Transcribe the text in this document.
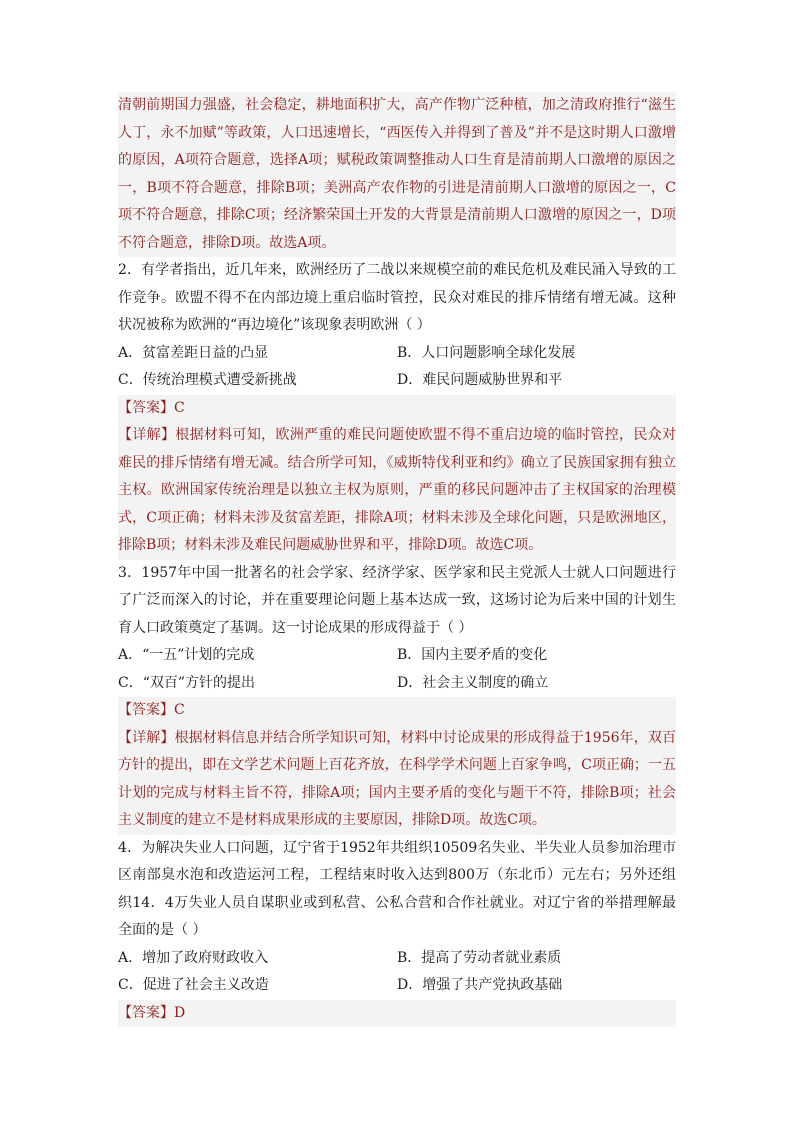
清朝前期国力强盛，社会稳定，耕地面积扩大，高产作物广泛种植，加之清政府推行“滋生人丁，永不加赋”等政策，人口迅速增长，“西医传入并得到了普及”并不是这时期人口激增的原因，A项符合题意，选择A项；赋税政策调整推动人口生育是清前期人口激增的原因之一，B项不符合题意，排除B项；美洲高产农作物的引进是清前期人口激增的原因之一，C项不符合题意，排除C项；经济繁荣国土开发的大背景是清前期人口激增的原因之一，D项不符合题意，排除D项。故选A项。

2．有学者指出，近几年来，欧洲经历了二战以来规模空前的难民危机及难民涌入导致的工作竞争。欧盟不得不在内部边境上重启临时管控，民众对难民的排斥情绪有增无减。这种状况被称为欧洲的“再边境化”该现象表明欧洲（ ）

A．贫富差距日益的凸显	B．人口问题影响全球化发展
C．传统治理模式遭受新挑战	D．难民问题威胁世界和平

【答案】C

【详解】根据材料可知，欧洲严重的难民问题使欧盟不得不重启边境的临时管控，民众对难民的排斥情绪有增无减。结合所学可知，《威斯特伐利亚和约》确立了民族国家拥有独立主权。欧洲国家传统治理是以独立主权为原则，严重的移民问题冲击了主权国家的治理模式，C项正确；材料未涉及贫富差距，排除A项；材料未涉及全球化问题，只是欧洲地区，排除B项；材料未涉及难民问题威胁世界和平，排除D项。故选C项。

3．1957年中国一批著名的社会学家、经济学家、医学家和民主党派人士就人口问题进行了广泛而深入的讨论，并在重要理论问题上基本达成一致，这场讨论为后来中国的计划生育人口政策奠定了基调。这一讨论成果的形成得益于（ ）

A．“一五”计划的完成	B．国内主要矛盾的变化
C．“双百”方针的提出	D．社会主义制度的确立

【答案】C

【详解】根据材料信息并结合所学知识可知，材料中讨论成果的形成得益于1956年，双百方针的提出，即在文学艺术问题上百花齐放，在科学学术问题上百家争鸣，C项正确；一五计划的完成与材料主旨不符，排除A项；国内主要矛盾的变化与题干不符，排除B项；社会主义制度的建立不是材料成果形成的主要原因，排除D项。故选C项。

4．为解决失业人口问题，辽宁省于1952年共组织10509名失业、半失业人员参加治理市区南部臭水泡和改造运河工程，工程结束时收入达到800万（东北币）元左右；另外还组织14．4万失业人员自谋职业或到私营、公私合营和合作社就业。对辽宁省的举措理解最全面的是（ ）

A．增加了政府财政收入	B．提高了劳动者就业素质
C．促进了社会主义改造	D．增强了共产党执政基础

【答案】D
